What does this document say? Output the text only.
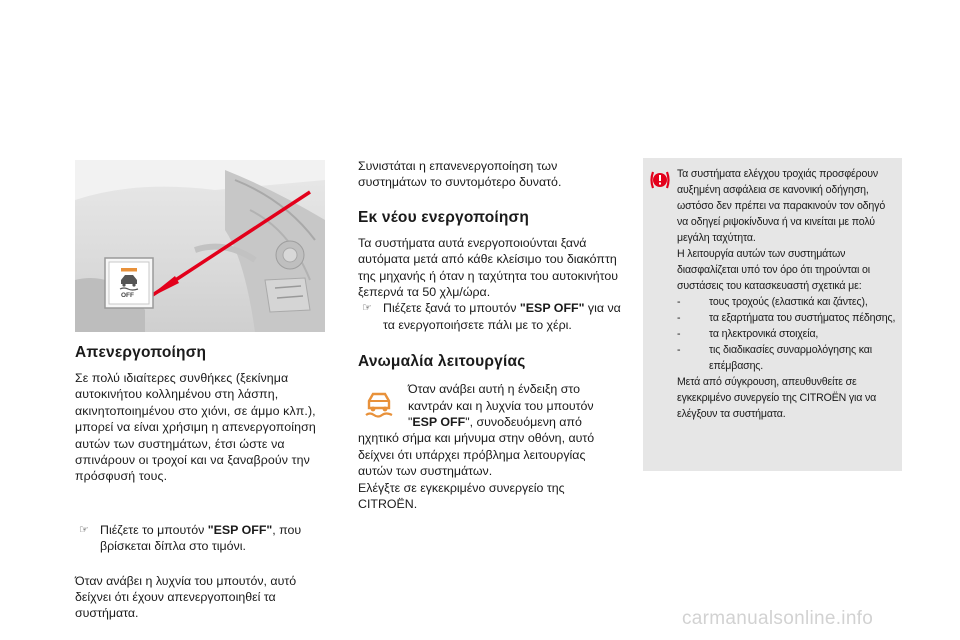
OFF
Απενεργοποίηση

Σε πολύ ιδιαίτερες συνθήκες (ξεκίνημα αυτοκινήτου κολλημένου στη λάσπη, ακινητοποιημένου στο χιόνι, σε άμμο κλπ.), μπορεί να είναι χρήσιμη η απενεργοποίηση αυτών των συστημάτων, έτσι ώστε να σπινάρουν οι τροχοί και να ξαναβρούν την πρόσφυσή τους.

☞ Πιέζετε το μπουτόν "ESP OFF", που βρίσκεται δίπλα στο τιμόνι.

Όταν ανάβει η λυχνία του μπουτόν, αυτό δείχνει ότι έχουν απενεργοποιηθεί τα συστήματα.

Συνιστάται η επανενεργοποίηση των συστημάτων το συντομότερο δυνατό.

Εκ νέου ενεργοποίηση

Τα συστήματα αυτά ενεργοποιούνται ξανά αυτόματα μετά από κάθε κλείσιμο του διακόπτη της μηχανής ή όταν η ταχύτητα του αυτοκινήτου ξεπερνά τα 50 χλμ/ώρα.

☞ Πιέζετε ξανά το μπουτόν "ESP OFF" για να τα ενεργοποιήσετε πάλι με το χέρι.

Ανωμαλία λειτουργίας

Όταν ανάβει αυτή η ένδειξη στο καντράν και η λυχνία του μπουτόν

"ESP OFF", συνοδευόμενη από

ηχητικό σήμα και μήνυμα στην οθόνη, αυτό δείχνει ότι υπάρχει πρόβλημα λειτουργίας αυτών των συστημάτων.

Ελέγξτε σε εγκεκριμένο συνεργείο της CITROËN.

Τα συστήματα ελέγχου τροχιάς προσφέρουν αυξημένη ασφάλεια σε κανονική οδήγηση, ωστόσο δεν πρέπει να παρακινούν τον οδηγό να οδηγεί ριψοκίνδυνα ή να κινείται με πολύ μεγάλη ταχύτητα.

Η λειτουργία αυτών των συστημάτων διασφαλίζεται υπό τον όρο ότι τηρούνται οι συστάσεις του κατασκευαστή σχετικά με:

-	τους τροχούς (ελαστικά και ζάντες),

-	τα εξαρτήματα του συστήματος πέδησης,

-	τα ηλεκτρονικά στοιχεία,

-	τις διαδικασίες συναρμολόγησης και επέμβασης.

Μετά από σύγκρουση, απευθυνθείτε σε εγκεκριμένο συνεργείο της CITROËN για να ελέγξουν τα συστήματα.

carmanualsonline.info
